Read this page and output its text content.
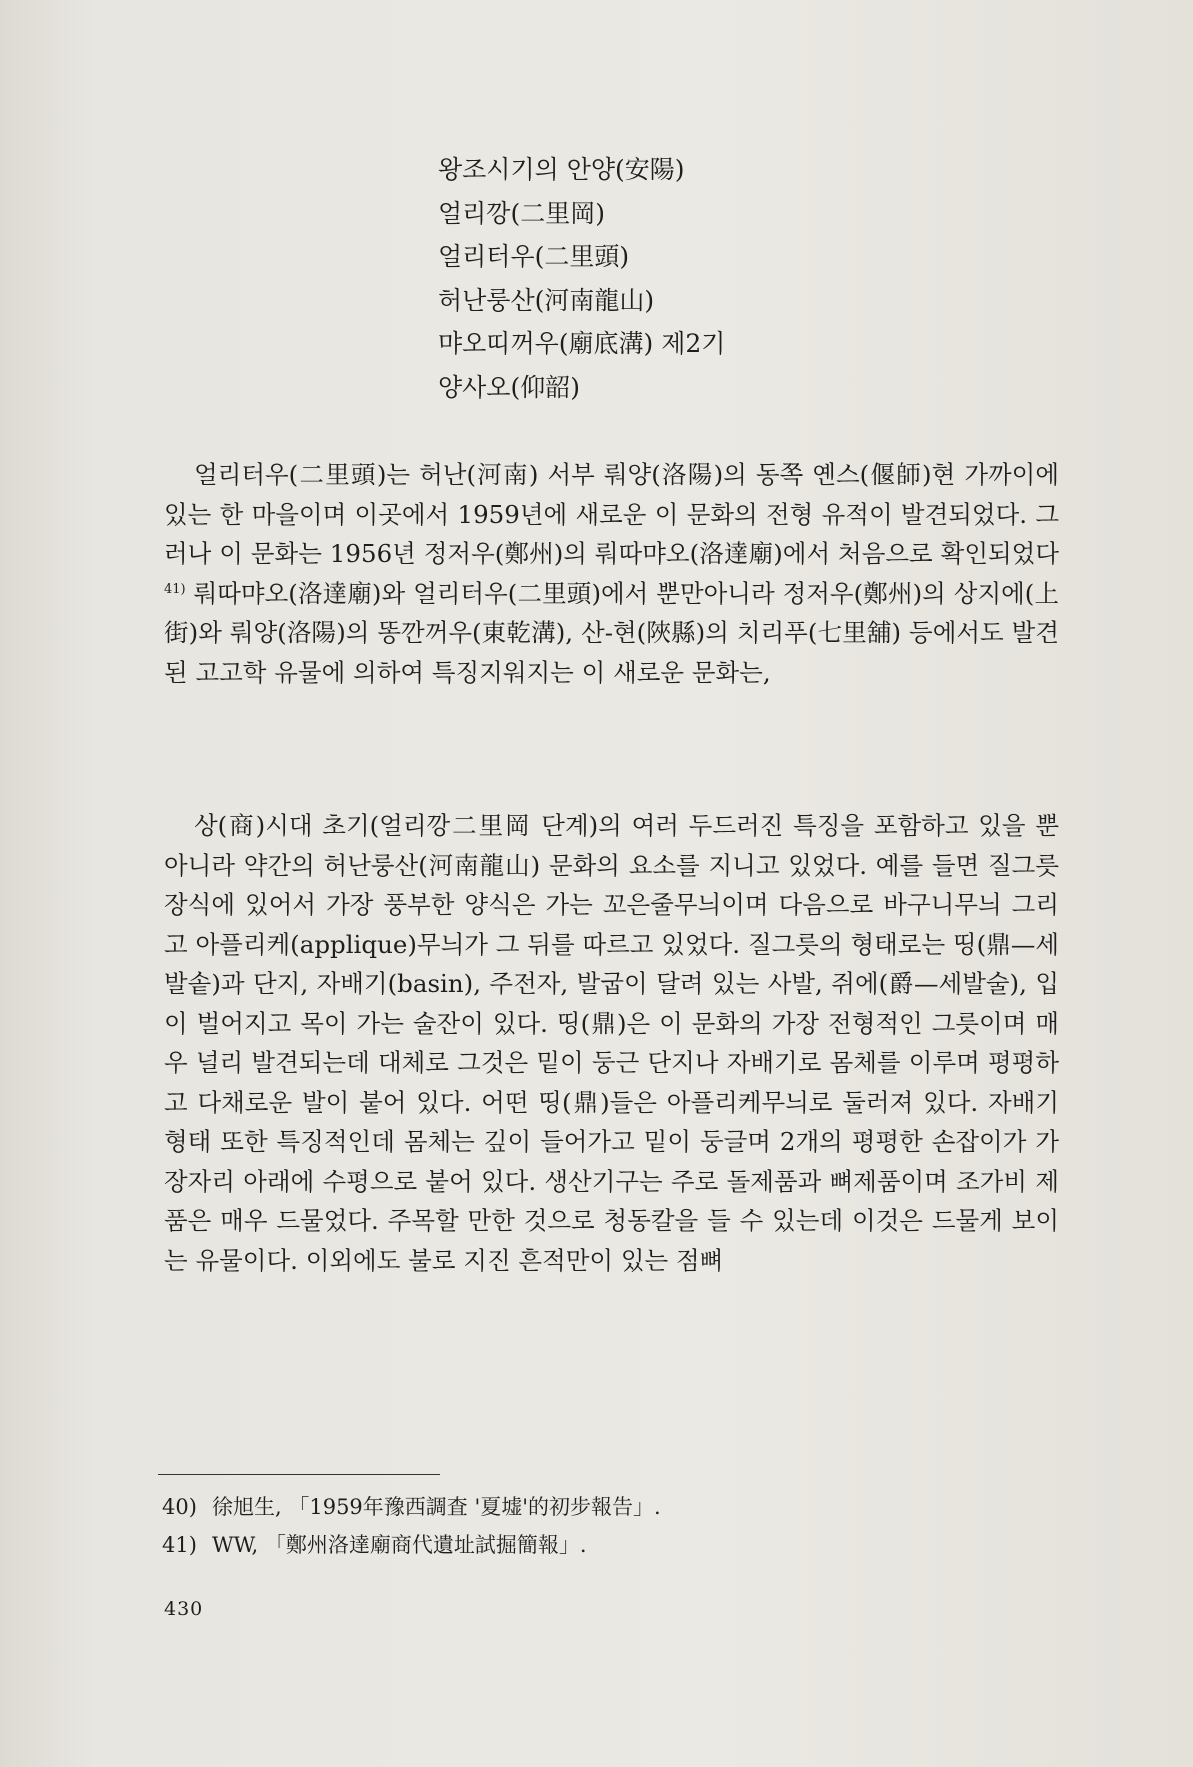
왕조시기의 안양(安陽)
얼리깡(二里岡)
얼리터우(二里頭)
허난룽산(河南龍山)
먀오띠꺼우(廟底溝) 제2기
양사오(仰韶)
얼리터우(二里頭)는 허난(河南) 서부 뤄양(洛陽)의 동쪽 옌스(偃師)현 가까이에 있는 한 마을이며 이곳에서 1959년에 새로운 이 문화의 전형 유적이 발견되었다. 그러나 이 문화는 1956년 정저우(鄭州)의 뤄따먀오(洛達廟)에서 처음으로 확인되었다$^{41)}$ 뤄따먀오(洛達廟)와 얼리터우(二里頭)에서 뿐만아니라 정저우(鄭州)의 상지에(上街)와 뤄양(洛陽)의 똥깐꺼우(東乾溝), 산-현(陜縣)의 치리푸(七里舖) 등에서도 발견된 고고학 유물에 의하여 특징지워지는 이 새로운 문화는,
상(商)시대 초기(얼리깡二里岡 단계)의 여러 두드러진 특징을 포함하고 있을 뿐 아니라 약간의 허난룽산(河南龍山) 문화의 요소를 지니고 있었다. 예를 들면 질그릇 장식에 있어서 가장 풍부한 양식은 가는 꼬은줄무늬이며 다음으로 바구니무늬 그리고 아플리케(applique)무늬가 그 뒤를 따르고 있었다. 질그릇의 형태로는 띵(鼎—세발솥)과 단지, 자배기(basin), 주전자, 발굽이 달려 있는 사발, 쥐에(爵—세발술), 입이 벌어지고 목이 가는 술잔이 있다. 띵(鼎)은 이 문화의 가장 전형적인 그릇이며 매우 널리 발견되는데 대체로 그것은 밑이 둥근 단지나 자배기로 몸체를 이루며 평평하고 다채로운 발이 붙어 있다. 어떤 띵(鼎)들은 아플리케무늬로 둘러져 있다. 자배기 형태 또한 특징적인데 몸체는 깊이 들어가고 밑이 둥글며 2개의 평평한 손잡이가 가장자리 아래에 수평으로 붙어 있다. 생산기구는 주로 돌제품과 뼈제품이며 조가비 제품은 매우 드물었다. 주목할 만한 것으로 청동칼을 들 수 있는데 이것은 드물게 보이는 유물이다. 이외에도 불로 지진 흔적만이 있는 점뼈
40) 徐旭生, 「1959年豫西調査 '夏墟'的初步報告」.
41) WW, 「鄭州洛達廟商代遺址試掘簡報」.
430
